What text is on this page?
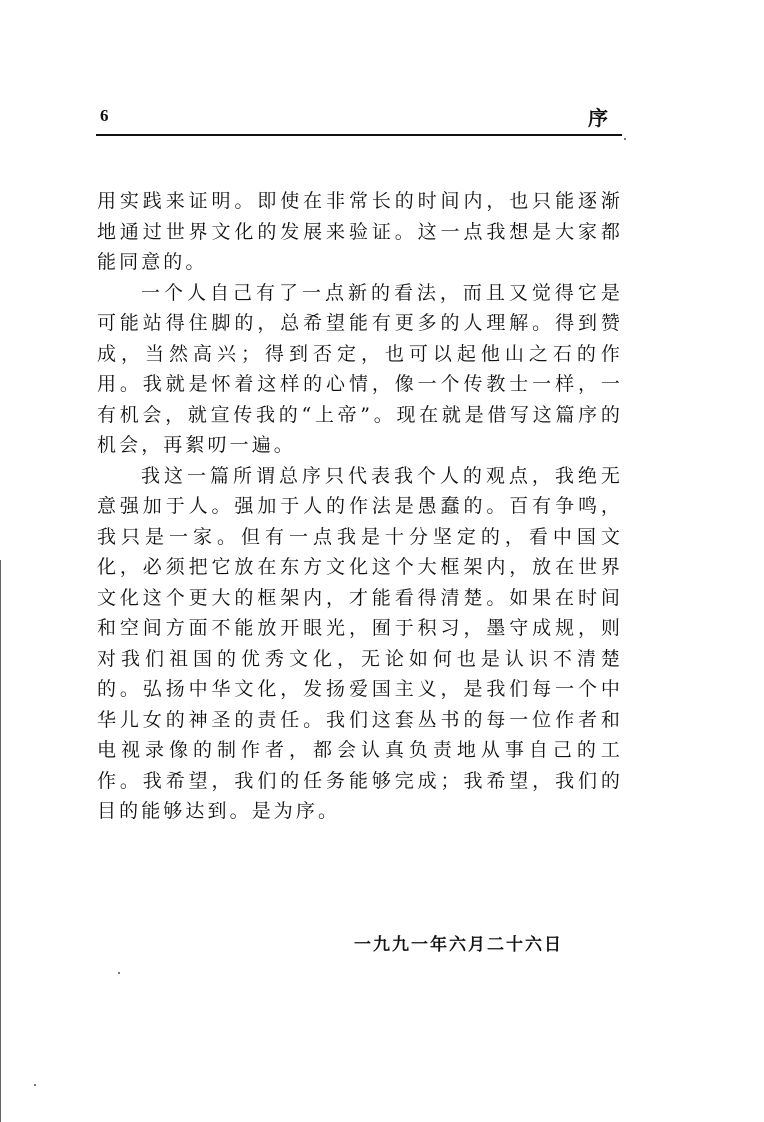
6	序

用实践来证明。即使在非常长的时间内，也只能逐渐地通过世界文化的发展来验证。这一点我想是大家都能同意的。

一个人自己有了一点新的看法，而且又觉得它是可能站得住脚的，总希望能有更多的人理解。得到赞成，当然高兴；得到否定，也可以起他山之石的作用。我就是怀着这样的心情，像一个传教士一样，一有机会，就宣传我的“上帝”。现在就是借写这篇序的机会，再絮叨一遍。

我这一篇所谓总序只代表我个人的观点，我绝无意强加于人。强加于人的作法是愚蠢的。百有争鸣，我只是一家。但有一点我是十分坚定的，看中国文化，必须把它放在东方文化这个大框架内，放在世界文化这个更大的框架内，才能看得清楚。如果在时间和空间方面不能放开眼光，囿于积习，墨守成规，则对我们祖国的优秀文化，无论如何也是认识不清楚的。弘扬中华文化，发扬爱国主义，是我们每一个中华儿女的神圣的责任。我们这套丛书的每一位作者和电视录像的制作者，都会认真负责地从事自己的工作。我希望，我们的任务能够完成；我希望，我们的目的能够达到。是为序。

一九九一年六月二十六日
